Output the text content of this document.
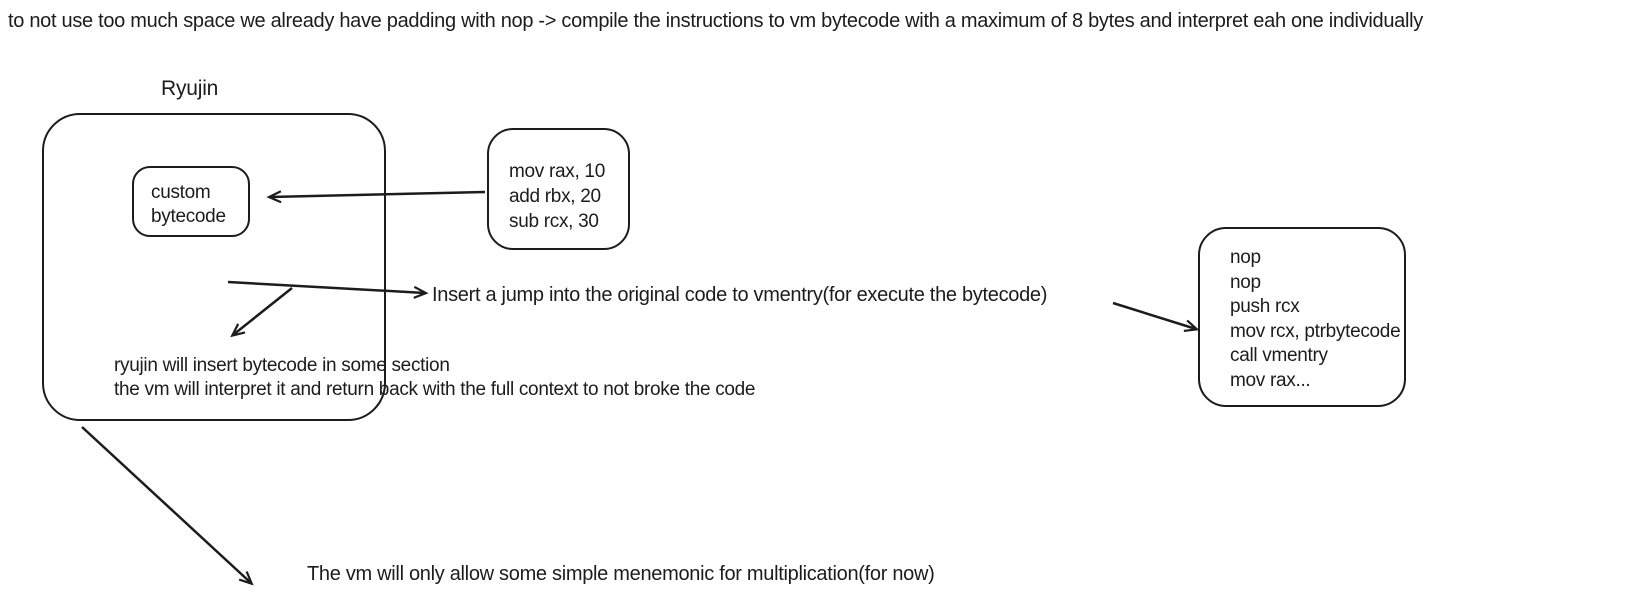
to not use too much space we already have padding with nop -> compile the instructions to vm bytecode with a maximum of 8 bytes and interpret eah one individually
Ryujin
custom
bytecode
mov rax, 10
add rbx, 20
sub rcx, 30
nop
nop
push rcx
mov rcx, ptrbytecode
call vmentry
mov rax...
Insert a jump into the original code to vmentry(for execute the bytecode)
ryujin will insert bytecode in some section
the vm will interpret it and return back with the full context to not broke the code
The vm will only allow some simple menemonic for multiplication(for now)
